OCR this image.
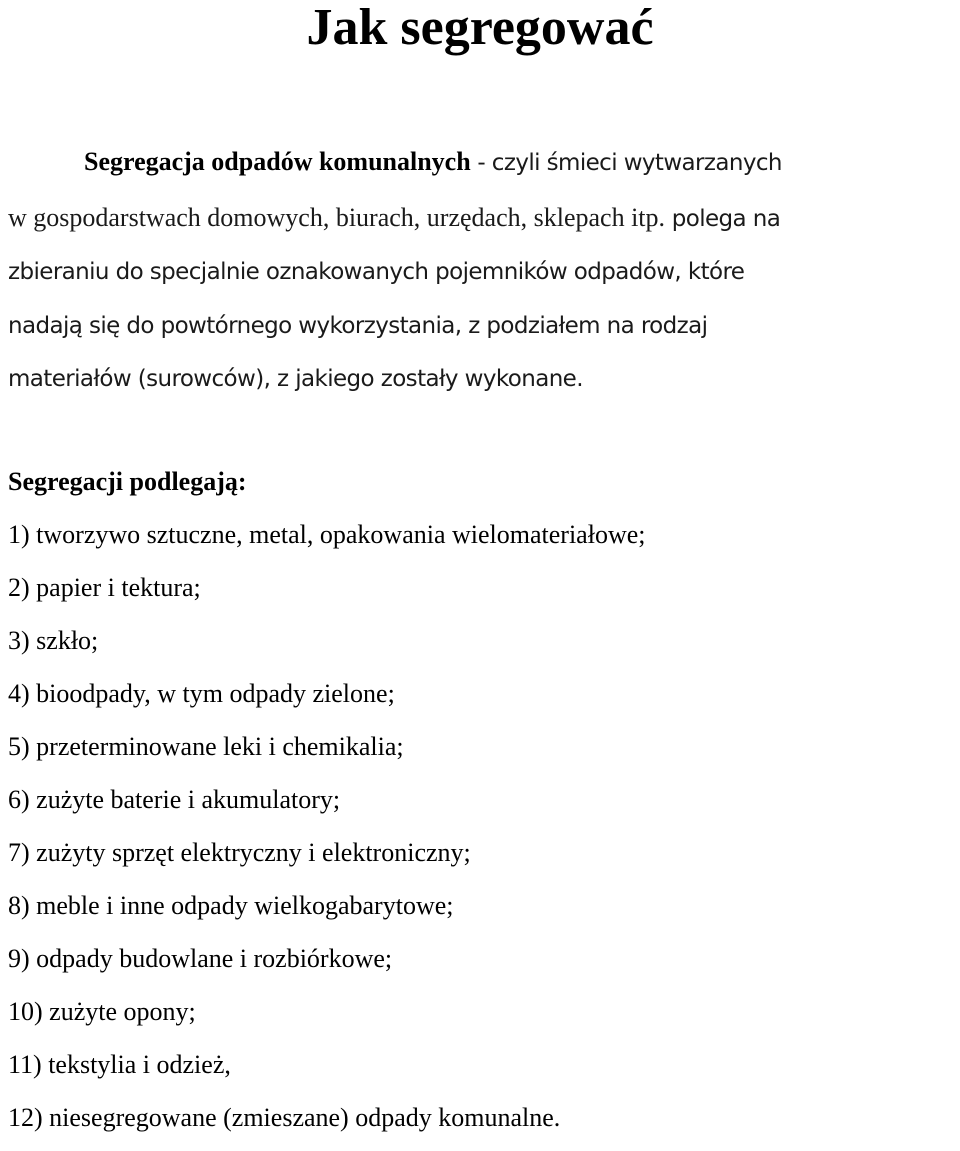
Jak segregować

Segregacja odpadów komunalnych - czyli śmieci wytwarzanych
w gospodarstwach domowych, biurach, urzędach, sklepach itp. polega na
zbieraniu do specjalnie oznakowanych pojemników odpadów, które
nadają się do powtórnego wykorzystania, z podziałem na rodzaj
materiałów (surowców), z jakiego zostały wykonane.

Segregacji podlegają:
1) tworzywo sztuczne, metal, opakowania wielomateriałowe;
2) papier i tektura;
3) szkło;
4) bioodpady, w tym odpady zielone;
5) przeterminowane leki i chemikalia;
6) zużyte baterie i akumulatory;
7) zużyty sprzęt elektryczny i elektroniczny;
8) meble i inne odpady wielkogabarytowe;
9) odpady budowlane i rozbiórkowe;
10) zużyte opony;
11) tekstylia i odzież,
12) niesegregowane (zmieszane) odpady komunalne.
